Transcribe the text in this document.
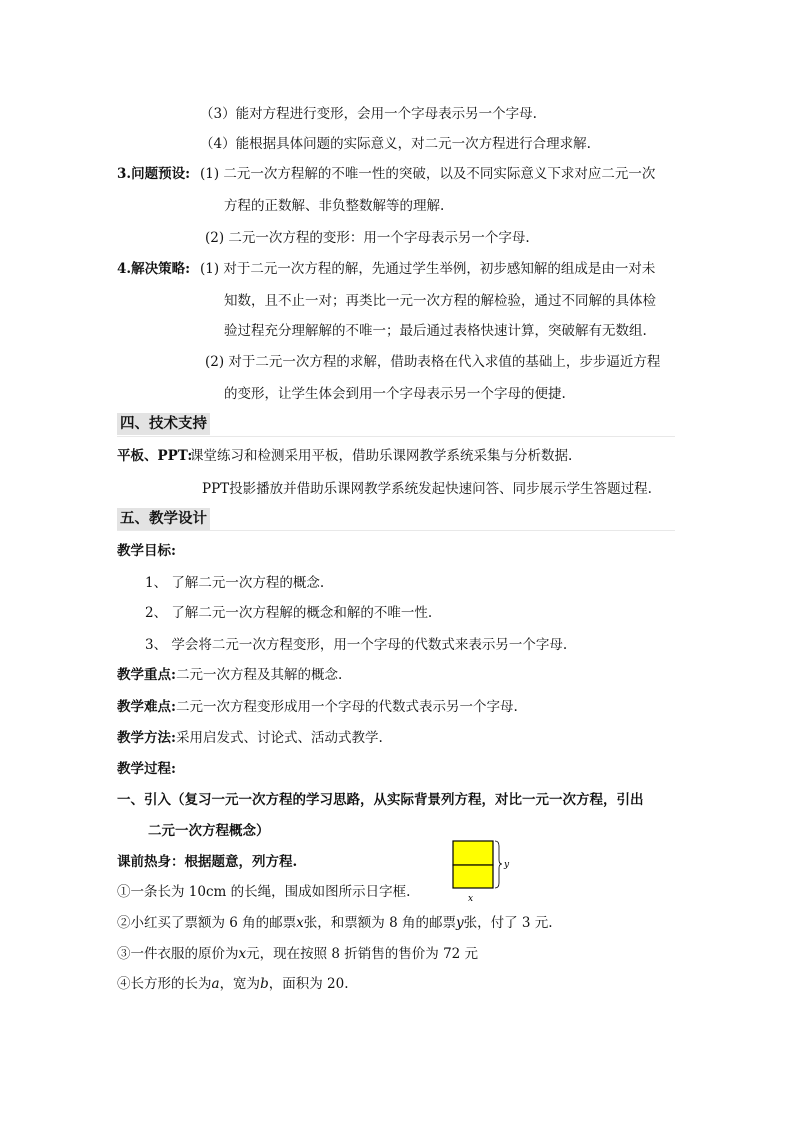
（3）能对方程进行变形，会用一个字母表示另一个字母.
（4）能根据具体问题的实际意义，对二元一次方程进行合理求解.
3.问题预设: (1) 二元一次方程解的不唯一性的突破，以及不同实际意义下求对应二元一次
方程的正数解、非负整数解等的理解.
(2) 二元一次方程的变形：用一个字母表示另一个字母.
4.解决策略: (1) 对于二元一次方程的解，先通过学生举例，初步感知解的组成是由一对未
知数，且不止一对；再类比一元一次方程的解检验，通过不同解的具体检
验过程充分理解解的不唯一；最后通过表格快速计算，突破解有无数组.
(2) 对于二元一次方程的求解，借助表格在代入求值的基础上，步步逼近方程
的变形，让学生体会到用一个字母表示另一个字母的便捷.
四、技术支持
平板、PPT:
课堂练习和检测采用平板，借助乐课网教学系统采集与分析数据.
PPT投影播放并借助乐课网教学系统发起快速问答、同步展示学生答题过程.
五、教学设计
教学目标:
1、 了解二元一次方程的概念.
2、 了解二元一次方程解的概念和解的不唯一性.
3、 学会将二元一次方程变形，用一个字母的代数式来表示另一个字母.
教学重点:二元一次方程及其解的概念.
教学难点:二元一次方程变形成用一个字母的代数式表示另一个字母.
教学方法:采用启发式、讨论式、活动式教学.
教学过程:
一、引入（复习一元一次方程的学习思路，从实际背景列方程，对比一元一次方程，引出
二元一次方程概念）
课前热身：根据题意，列方程.
①一条长为 10cm 的长绳，围成如图所示日字框.
②小红买了票额为 6 角的邮票x张，和票额为 8 角的邮票y张，付了 3 元.
③一件衣服的原价为x元，现在按照 8 折销售的售价为 72 元
④长方形的长为a，宽为b，面积为 20.
y
x
